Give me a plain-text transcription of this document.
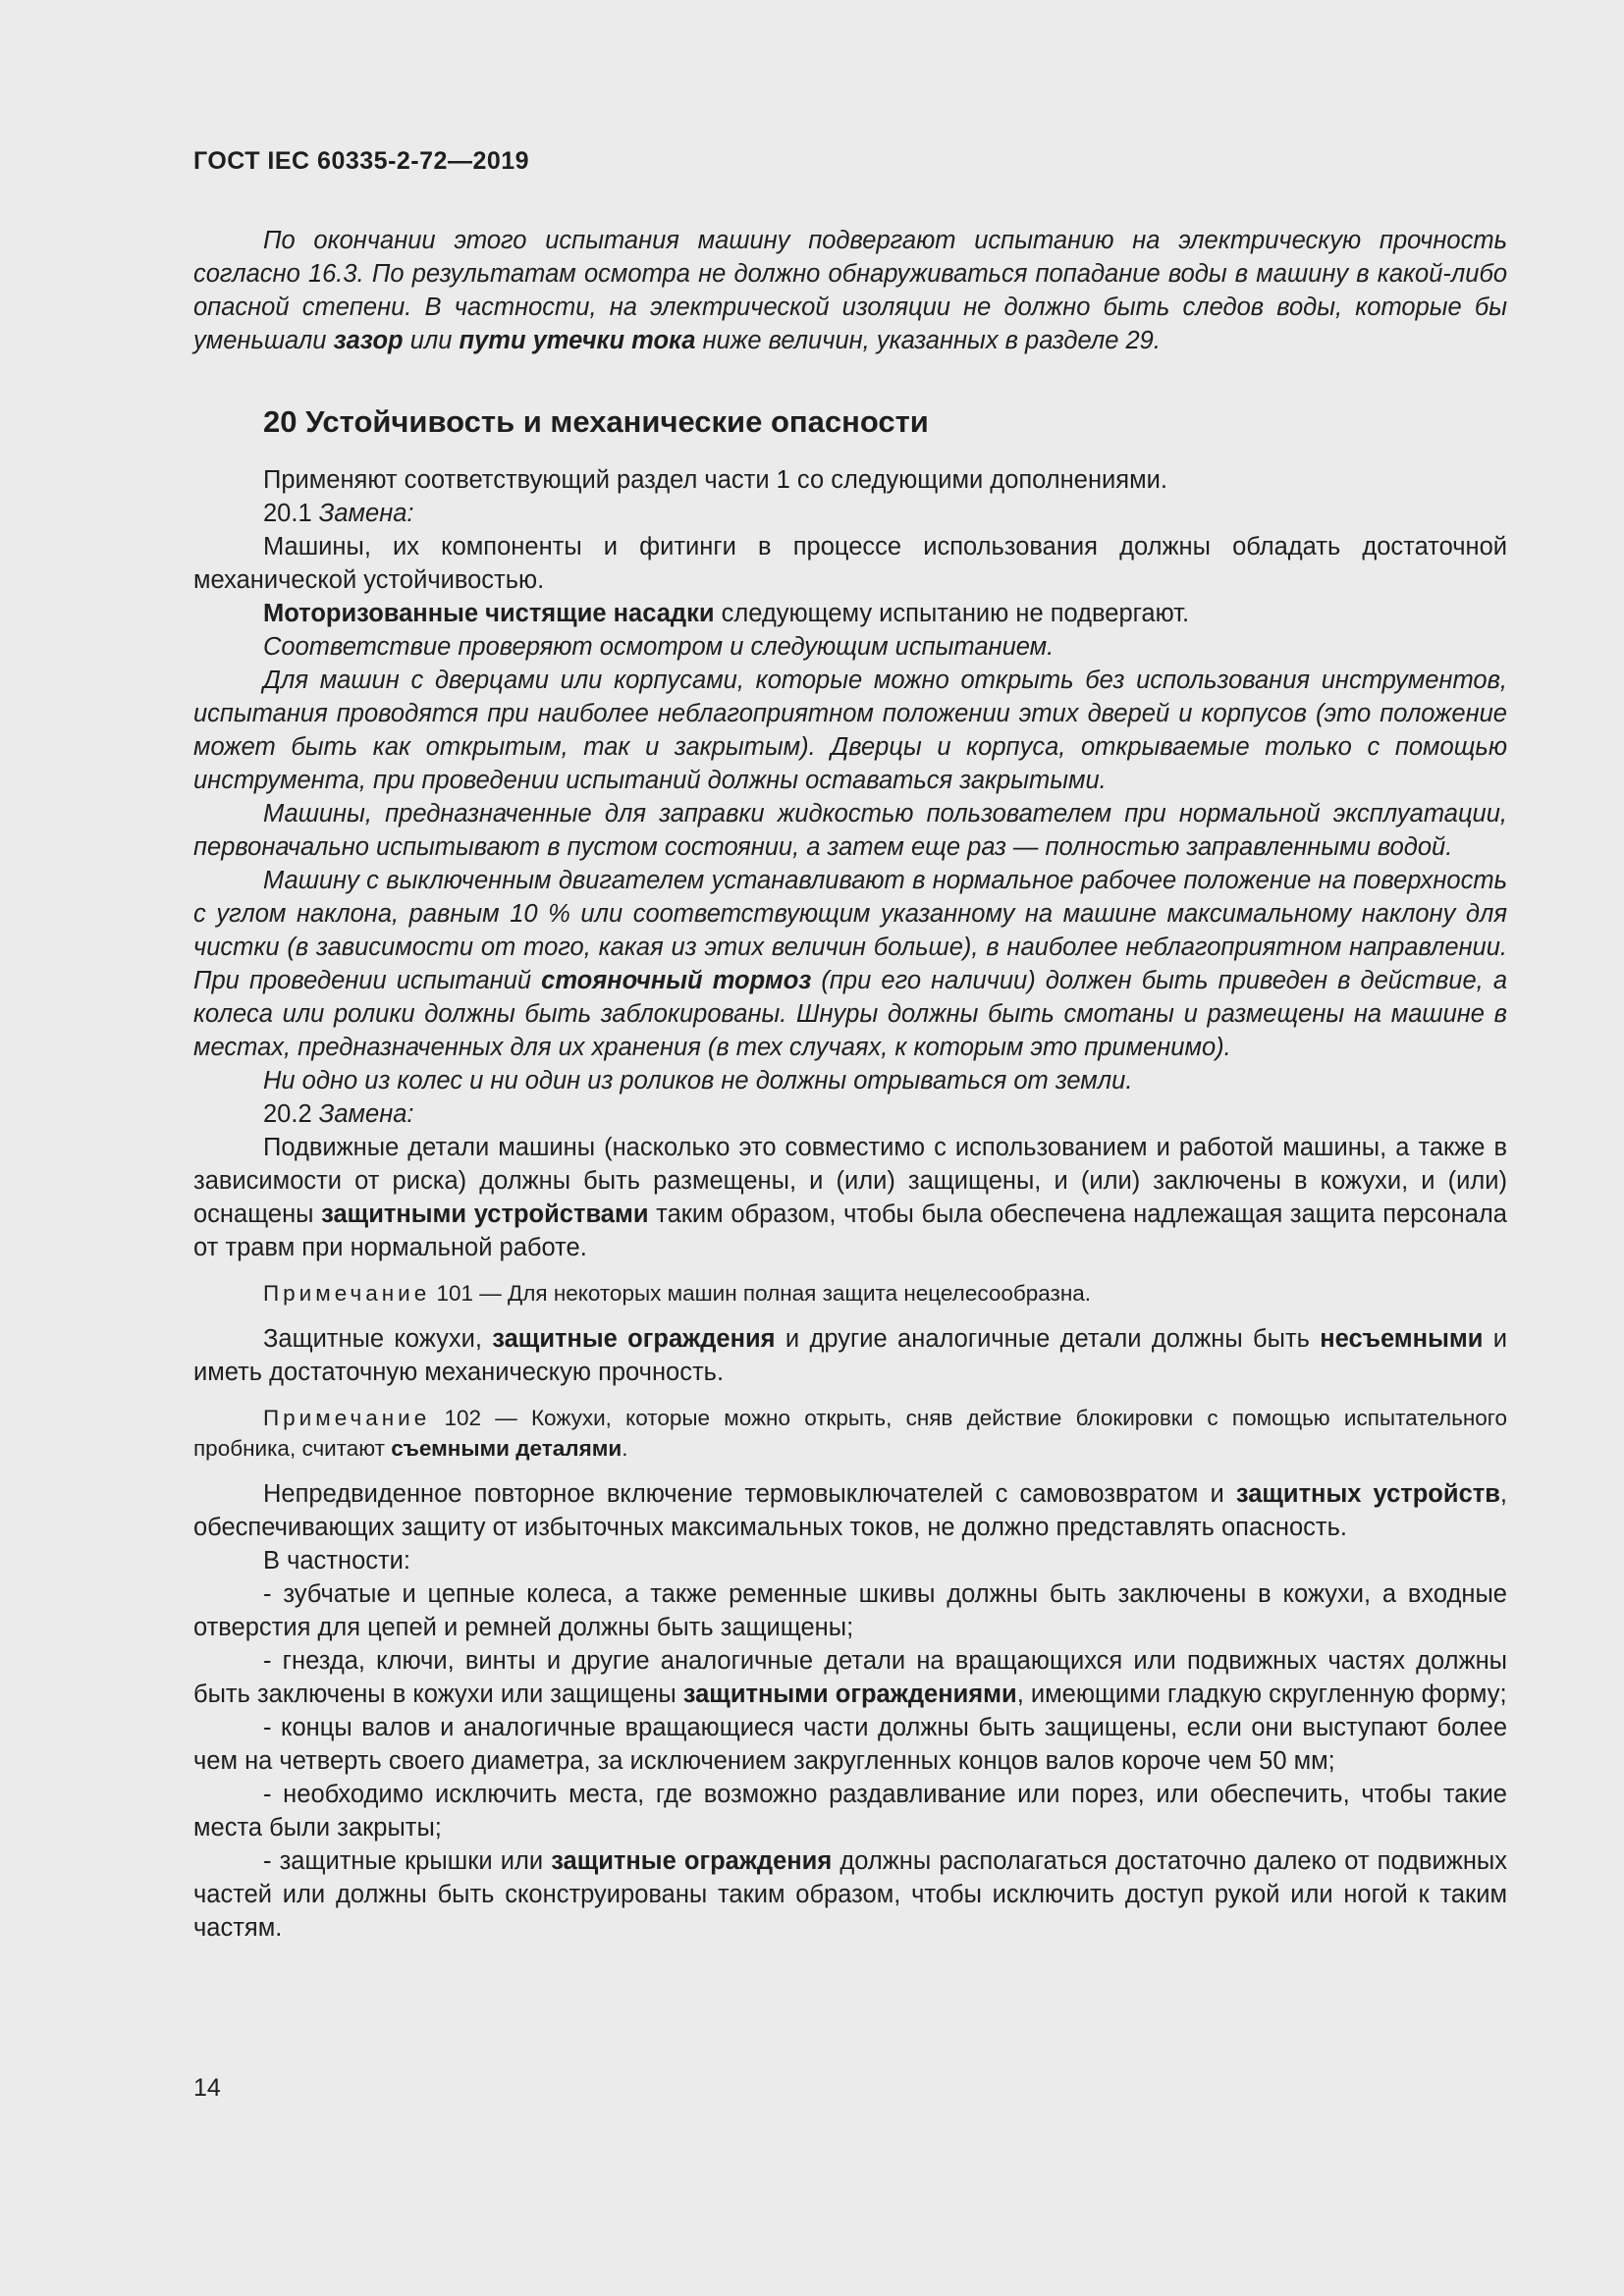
ГОСТ IEC 60335-2-72—2019

По окончании этого испытания машину подвергают испытанию на электрическую прочность согласно 16.3. По результатам осмотра не должно обнаруживаться попадание воды в машину в какой-либо опасной степени. В частности, на электрической изоляции не должно быть следов воды, которые бы уменьшали зазор или пути утечки тока ниже величин, указанных в разделе 29.

20 Устойчивость и механические опасности

Применяют соответствующий раздел части 1 со следующими дополнениями.

20.1 Замена:

Машины, их компоненты и фитинги в процессе использования должны обладать достаточной механической устойчивостью.

Моторизованные чистящие насадки следующему испытанию не подвергают.

Соответствие проверяют осмотром и следующим испытанием.

Для машин с дверцами или корпусами, которые можно открыть без использования инструментов, испытания проводятся при наиболее неблагоприятном положении этих дверей и корпусов (это положение может быть как открытым, так и закрытым). Дверцы и корпуса, открываемые только с помощью инструмента, при проведении испытаний должны оставаться закрытыми.

Машины, предназначенные для заправки жидкостью пользователем при нормальной эксплуатации, первоначально испытывают в пустом состоянии, а затем еще раз — полностью заправленными водой.

Машину с выключенным двигателем устанавливают в нормальное рабочее положение на поверхность с углом наклона, равным 10 % или соответствующим указанному на машине максимальному наклону для чистки (в зависимости от того, какая из этих величин больше), в наиболее неблагоприятном направлении. При проведении испытаний стояночный тормоз (при его наличии) должен быть приведен в действие, а колеса или ролики должны быть заблокированы. Шнуры должны быть смотаны и размещены на машине в местах, предназначенных для их хранения (в тех случаях, к которым это применимо).

Ни одно из колес и ни один из роликов не должны отрываться от земли.

20.2 Замена:

Подвижные детали машины (насколько это совместимо с использованием и работой машины, а также в зависимости от риска) должны быть размещены, и (или) защищены, и (или) заключены в кожухи, и (или) оснащены защитными устройствами таким образом, чтобы была обеспечена надлежащая защита персонала от травм при нормальной работе.

Примечание 101 — Для некоторых машин полная защита нецелесообразна.

Защитные кожухи, защитные ограждения и другие аналогичные детали должны быть несъемными и иметь достаточную механическую прочность.

Примечание 102 — Кожухи, которые можно открыть, сняв действие блокировки с помощью испытательного пробника, считают съемными деталями.

Непредвиденное повторное включение термовыключателей с самовозвратом и защитных устройств, обеспечивающих защиту от избыточных максимальных токов, не должно представлять опасность.

В частности:

- зубчатые и цепные колеса, а также ременные шкивы должны быть заключены в кожухи, а входные отверстия для цепей и ремней должны быть защищены;

- гнезда, ключи, винты и другие аналогичные детали на вращающихся или подвижных частях должны быть заключены в кожухи или защищены защитными ограждениями, имеющими гладкую скругленную форму;

- концы валов и аналогичные вращающиеся части должны быть защищены, если они выступают более чем на четверть своего диаметра, за исключением закругленных концов валов короче чем 50 мм;

- необходимо исключить места, где возможно раздавливание или порез, или обеспечить, чтобы такие места были закрыты;

- защитные крышки или защитные ограждения должны располагаться достаточно далеко от подвижных частей или должны быть сконструированы таким образом, чтобы исключить доступ рукой или ногой к таким частям.

14
